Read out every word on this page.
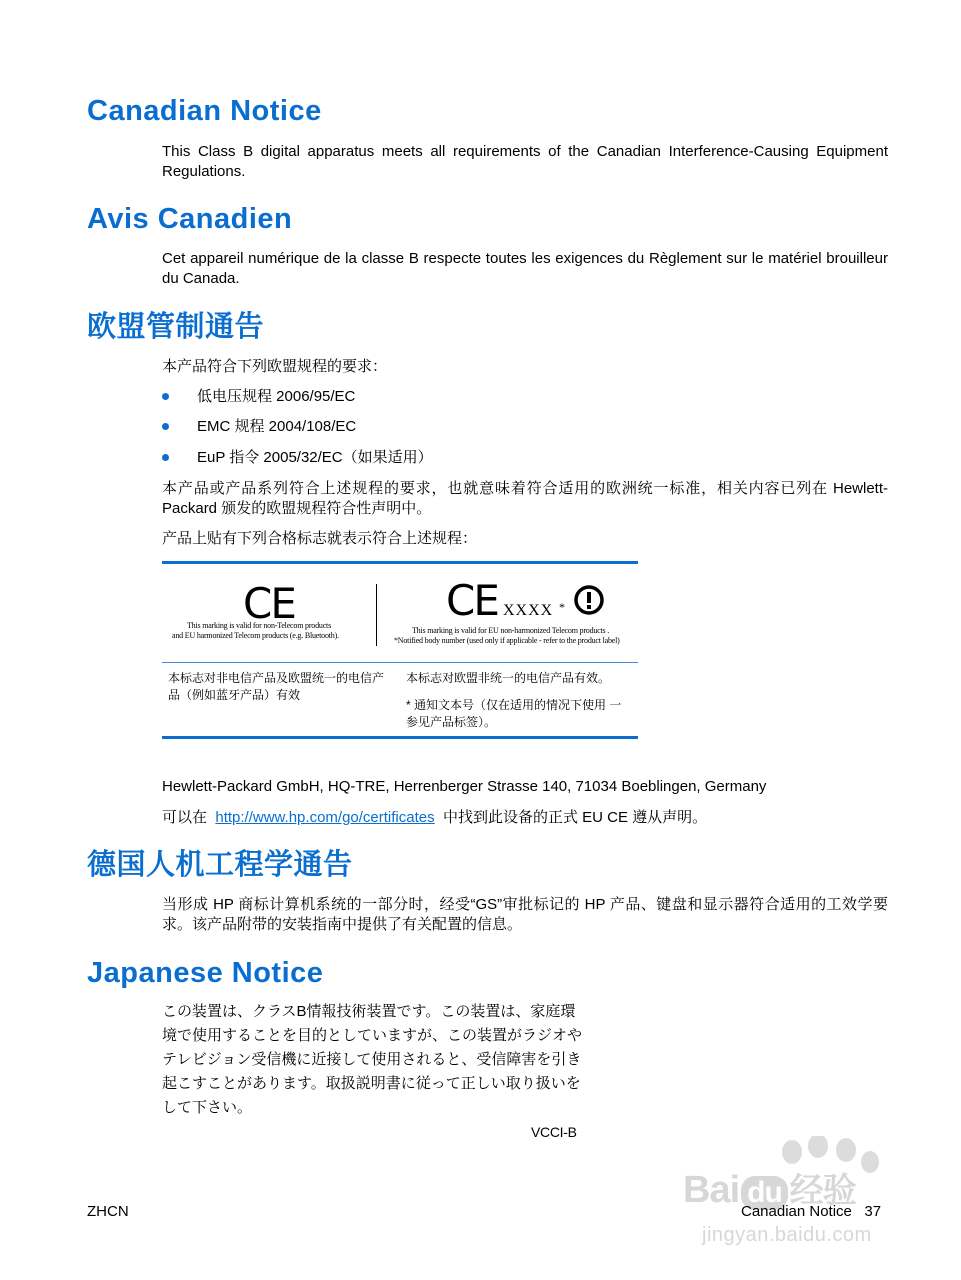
Canadian Notice

This Class B digital apparatus meets all requirements of the Canadian Interference-Causing Equipment Regulations.

Avis Canadien

Cet appareil numérique de la classe B respecte toutes les exigences du Règlement sur le matériel brouilleur du Canada.

欧盟管制通告

本产品符合下列欧盟规程的要求：

低电压规程 2006/95/EC
EMC 规程 2004/108/EC
EuP 指令 2005/32/EC（如果适用）

本产品或产品系列符合上述规程的要求，也就意味着符合适用的欧洲统一标准，相关内容已列在 Hewlett-Packard 颁发的欧盟规程符合性声明中。

产品上贴有下列合格标志就表示符合上述规程：

CE
This marking is valid for non-Telecom products
and EU harmonized Telecom products (e.g. Bluetooth).
CE XXXX *
This marking is valid for EU non-harmonized Telecom products .
*Notified body number (used only if applicable - refer to the product label)
本标志对非电信产品及欧盟统一的电信产品（例如蓝牙产品）有效
本标志对欧盟非统一的电信产品有效。
* 通知文本号（仅在适用的情况下使用 一 参见产品标签）。

Hewlett-Packard GmbH, HQ-TRE, Herrenberger Strasse 140, 71034 Boeblingen, Germany

可以在 http://www.hp.com/go/certificates 中找到此设备的正式 EU CE 遵从声明。

德国人机工程学通告

当形成 HP 商标计算机系统的一部分时，经受“GS”审批标记的 HP 产品、键盘和显示器符合适用的工效学要求。该产品附带的安装指南中提供了有关配置的信息。

Japanese Notice

この装置は、クラスB情報技術装置です。この装置は、家庭環

境で使用することを目的としていますが、この装置がラジオや

テレビジョン受信機に近接して使用されると、受信障害を引き

起こすことがあります。取扱説明書に従って正しい取り扱いを

して下さい。

VCCI-B
Bai du 经验
jingyan.baidu.com
ZHCN	Canadian Notice 37
